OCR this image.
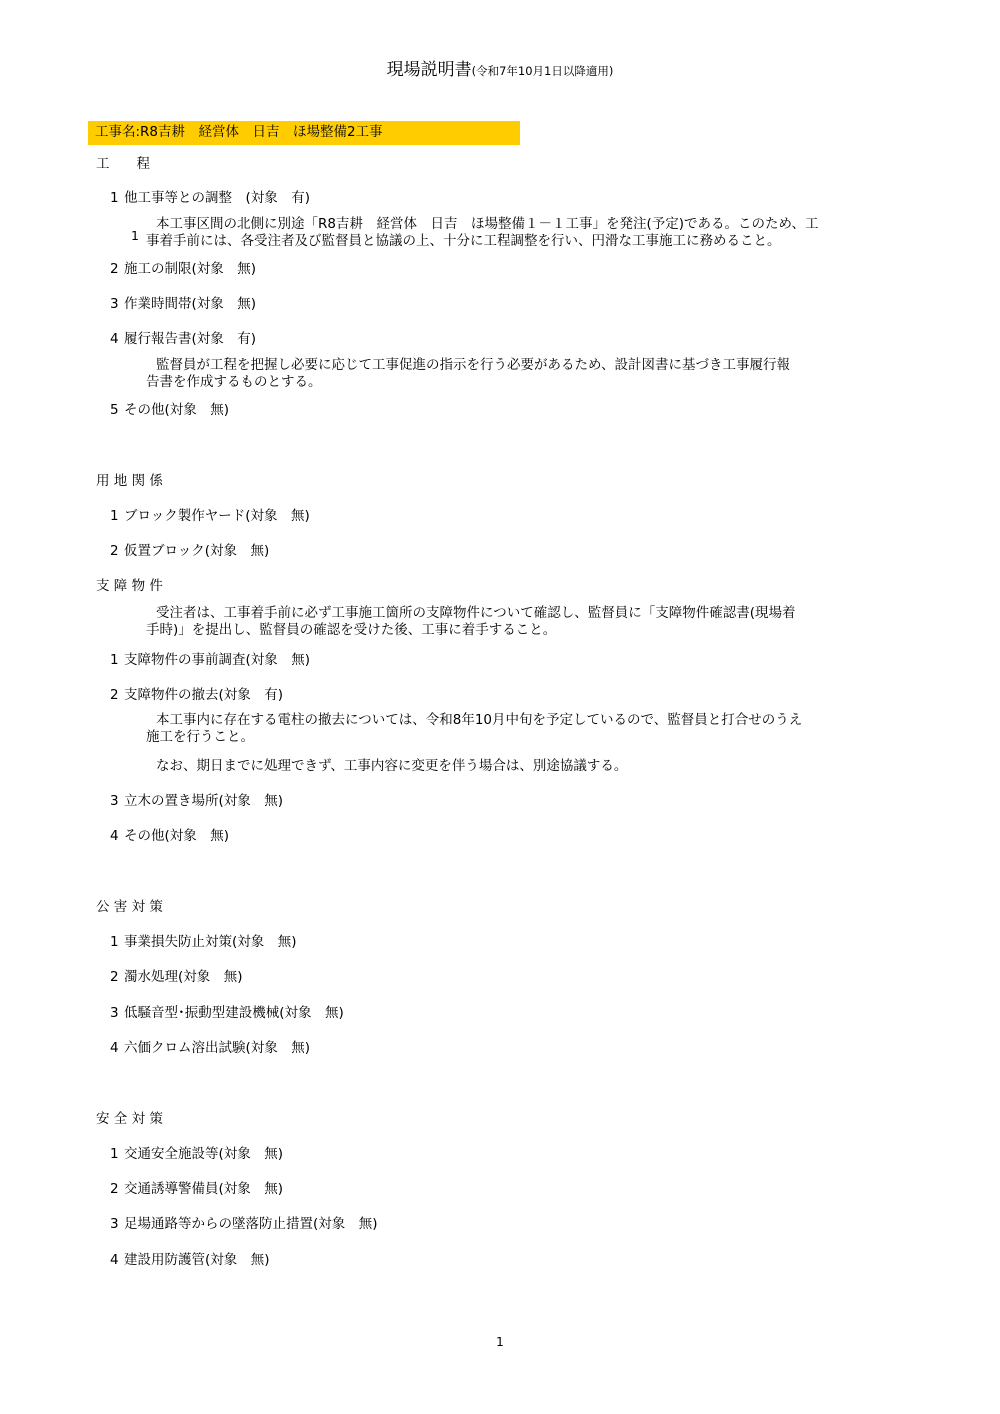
現場説明書(令和7年10月1日以降適用)
工事名:R8吉耕　経営体　日吉　ほ場整備2工事
工　　程
1 他工事等との調整　(対象　有)
1
本工事区間の北側に別途「R8吉耕　経営体　日吉　ほ場整備１－１工事」を発注(予定)である。このため、工
事着手前には、各受注者及び監督員と協議の上、十分に工程調整を行い、円滑な工事施工に務めること。
2 施工の制限(対象　無)
3 作業時間帯(対象　無)
4 履行報告書(対象　有)
監督員が工程を把握し必要に応じて工事促進の指示を行う必要があるため、設計図書に基づき工事履行報
告書を作成するものとする。
5 その他(対象　無)
用 地 関 係
1 ブロック製作ヤード(対象　無)
2 仮置ブロック(対象　無)
支 障 物 件
受注者は、工事着手前に必ず工事施工箇所の支障物件について確認し、監督員に「支障物件確認書(現場着
手時)」を提出し、監督員の確認を受けた後、工事に着手すること。
1 支障物件の事前調査(対象　無)
2 支障物件の撤去(対象　有)
本工事内に存在する電柱の撤去については、令和8年10月中旬を予定しているので、監督員と打合せのうえ
施工を行うこと。
なお、期日までに処理できず、工事内容に変更を伴う場合は、別途協議する。
3 立木の置き場所(対象　無)
4 その他(対象　無)
公 害 対 策
1 事業損失防止対策(対象　無)
2 濁水処理(対象　無)
3 低騒音型･振動型建設機械(対象　無)
4 六価クロム溶出試験(対象　無)
安 全 対 策
1 交通安全施設等(対象　無)
2 交通誘導警備員(対象　無)
3 足場通路等からの墜落防止措置(対象　無)
4 建設用防護管(対象　無)
1
